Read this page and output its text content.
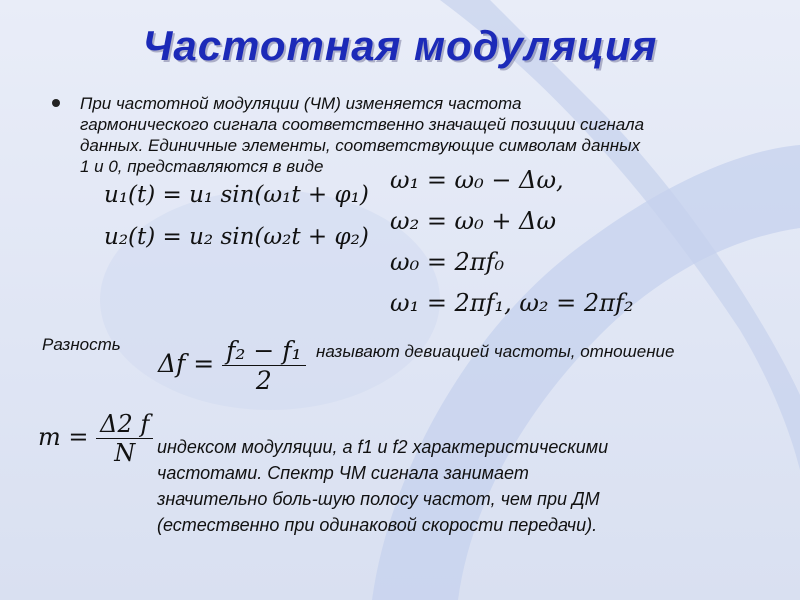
Частотная модуляция
При частотной модуляции (ЧМ) изменяется частота
гармонического сигнала соответственно значащей позиции сигнала
данных. Единичные элементы, соответствующие символам данных
1 и 0, представляются в виде
u₁(t) = u₁ sin(ω₁t + φ₁)
u₂(t) = u₂ sin(ω₂t + φ₂)
ω₁ = ω₀ − Δω,
ω₂ = ω₀ + Δω
ω₀ = 2πf₀
ω₁ = 2πf₁, ω₂ = 2πf₂
Разность
$\Delta f = \frac{\text{f₂ − f₁}}{2}$ называют девиацией частоты, отношение
$m = \frac{\Delta 2 f}{N}$ индексом модуляции, а f1 и f2 характеристическими
частотами. Спектр ЧМ сигнала занимает
значительно боль-шую полосу частот, чем при ДМ
(естественно при одинаковой скорости передачи).
